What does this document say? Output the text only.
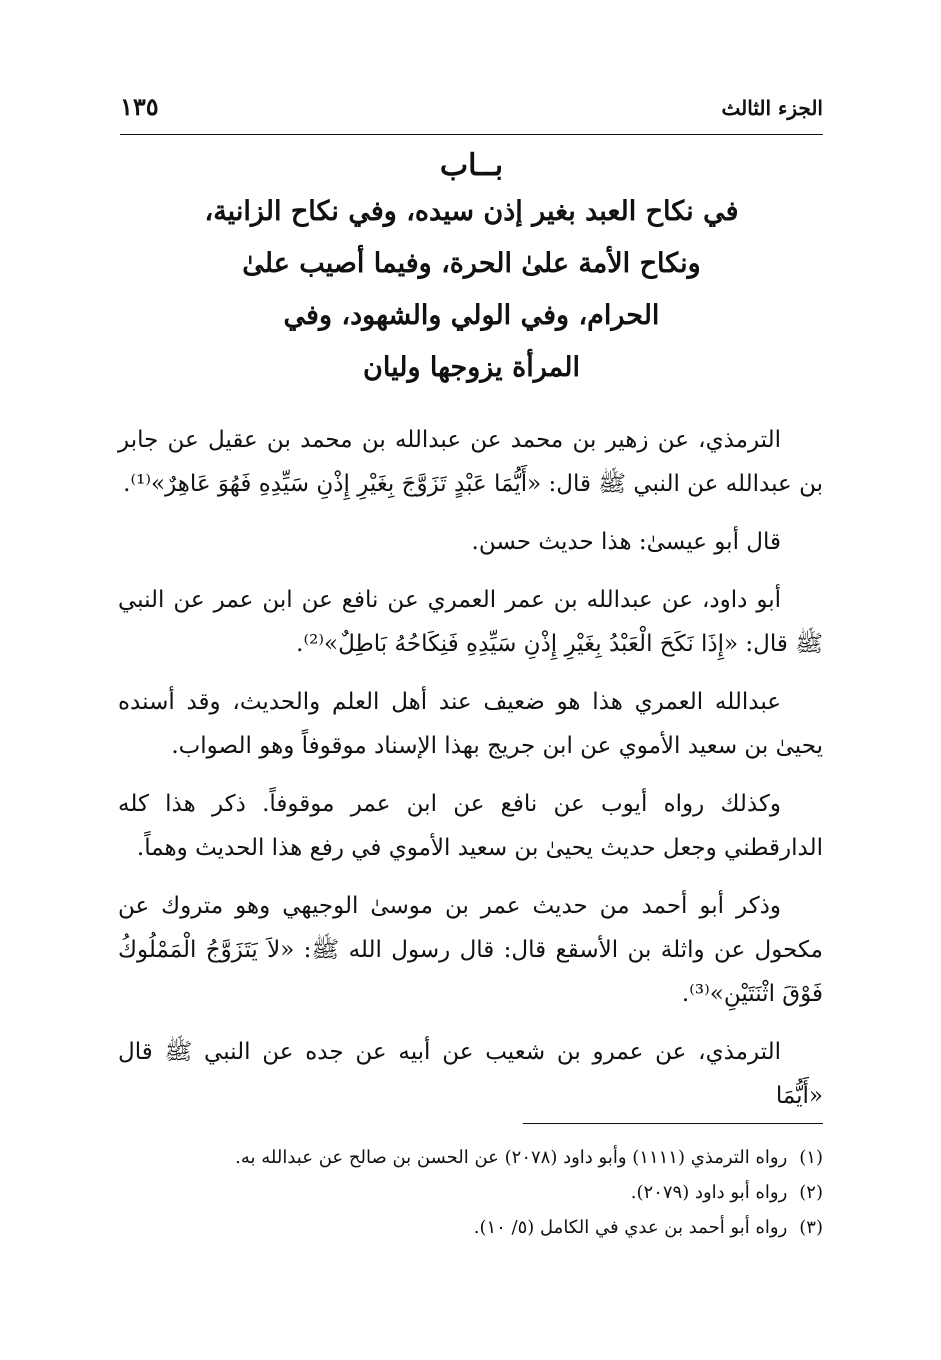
الجزء الثالث
١٣٥
بــاب
في نكاح العبد بغير إذن سيده، وفي نكاح الزانية،
ونكاح الأمة علىٰ الحرة، وفيما أصيب علىٰ
الحرام، وفي الولي والشهود، وفي
المرأة يزوجها وليان

الترمذي، عن زهير بن محمد عن عبدالله بن محمد بن عقيل عن جابر بن عبدالله عن النبي ﷺ قال: «أَيُّمَا عَبْدٍ تَزَوَّجَ بِغَيْرِ إِذْنِ سَيِّدِهِ فَهُوَ عَاهِرٌ»⁽¹⁾.

قال أبو عيسىٰ: هذا حديث حسن.

أبو داود، عن عبدالله بن عمر العمري عن نافع عن ابن عمر عن النبي ﷺ قال: «إِذَا نَكَحَ الْعَبْدُ بِغَيْرِ إِذْنِ سَيِّدِهِ فَنِكَاحُهُ بَاطِلٌ»⁽²⁾.

عبدالله العمري هذا هو ضعيف عند أهل العلم والحديث، وقد أسنده يحيىٰ بن سعيد الأموي عن ابن جريج بهذا الإسناد موقوفاً وهو الصواب.

وكذلك رواه أيوب عن نافع عن ابن عمر موقوفاً. ذكر هذا كله الدارقطني وجعل حديث يحيىٰ بن سعيد الأموي في رفع هذا الحديث وهماً.

وذكر أبو أحمد من حديث عمر بن موسىٰ الوجيهي وهو متروك عن مكحول عن واثلة بن الأسقع قال: قال رسول الله ﷺ: «لاَ يَتَزَوَّجُ الْمَمْلُوكُ فَوْقَ اثْنَتَيْنِ»⁽³⁾.

الترمذي، عن عمرو بن شعيب عن أبيه عن جده عن النبي ﷺ قال «أَيُّمَا

(١)رواه الترمذي (١١١١) وأبو داود (٢٠٧٨) عن الحسن بن صالح عن عبدالله به.
(٢)رواه أبو داود (٢٠٧٩).
(٣)رواه أبو أحمد بن عدي في الكامل (٥/ ١٠).
